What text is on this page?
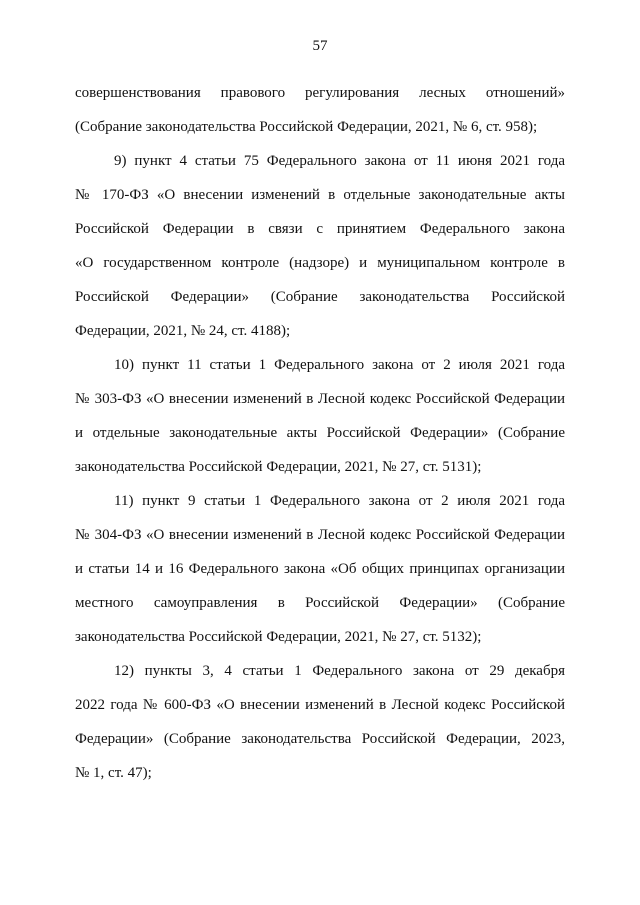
57
совершенствования правового регулирования лесных отношений»
(Собрание законодательства Российской Федерации, 2021, № 6, ст. 958);
9) пункт 4 статьи 75 Федерального закона от 11 июня 2021 года
№ 170-ФЗ «О внесении изменений в отдельные законодательные акты
Российской Федерации в связи с принятием Федерального закона
«О государственном контроле (надзоре) и муниципальном контроле в
Российской Федерации» (Собрание законодательства Российской
Федерации, 2021, № 24, ст. 4188);
10) пункт 11 статьи 1 Федерального закона от 2 июля 2021 года
№ 303-ФЗ «О внесении изменений в Лесной кодекс Российской Федерации
и отдельные законодательные акты Российской Федерации» (Собрание
законодательства Российской Федерации, 2021, № 27, ст. 5131);
11) пункт 9 статьи 1 Федерального закона от 2 июля 2021 года
№ 304-ФЗ «О внесении изменений в Лесной кодекс Российской Федерации
и статьи 14 и 16 Федерального закона «Об общих принципах организации
местного самоуправления в Российской Федерации» (Собрание
законодательства Российской Федерации, 2021, № 27, ст. 5132);
12) пункты 3, 4 статьи 1 Федерального закона от 29 декабря
2022 года № 600-ФЗ «О внесении изменений в Лесной кодекс Российской
Федерации» (Собрание законодательства Российской Федерации, 2023,
№ 1, ст. 47);
